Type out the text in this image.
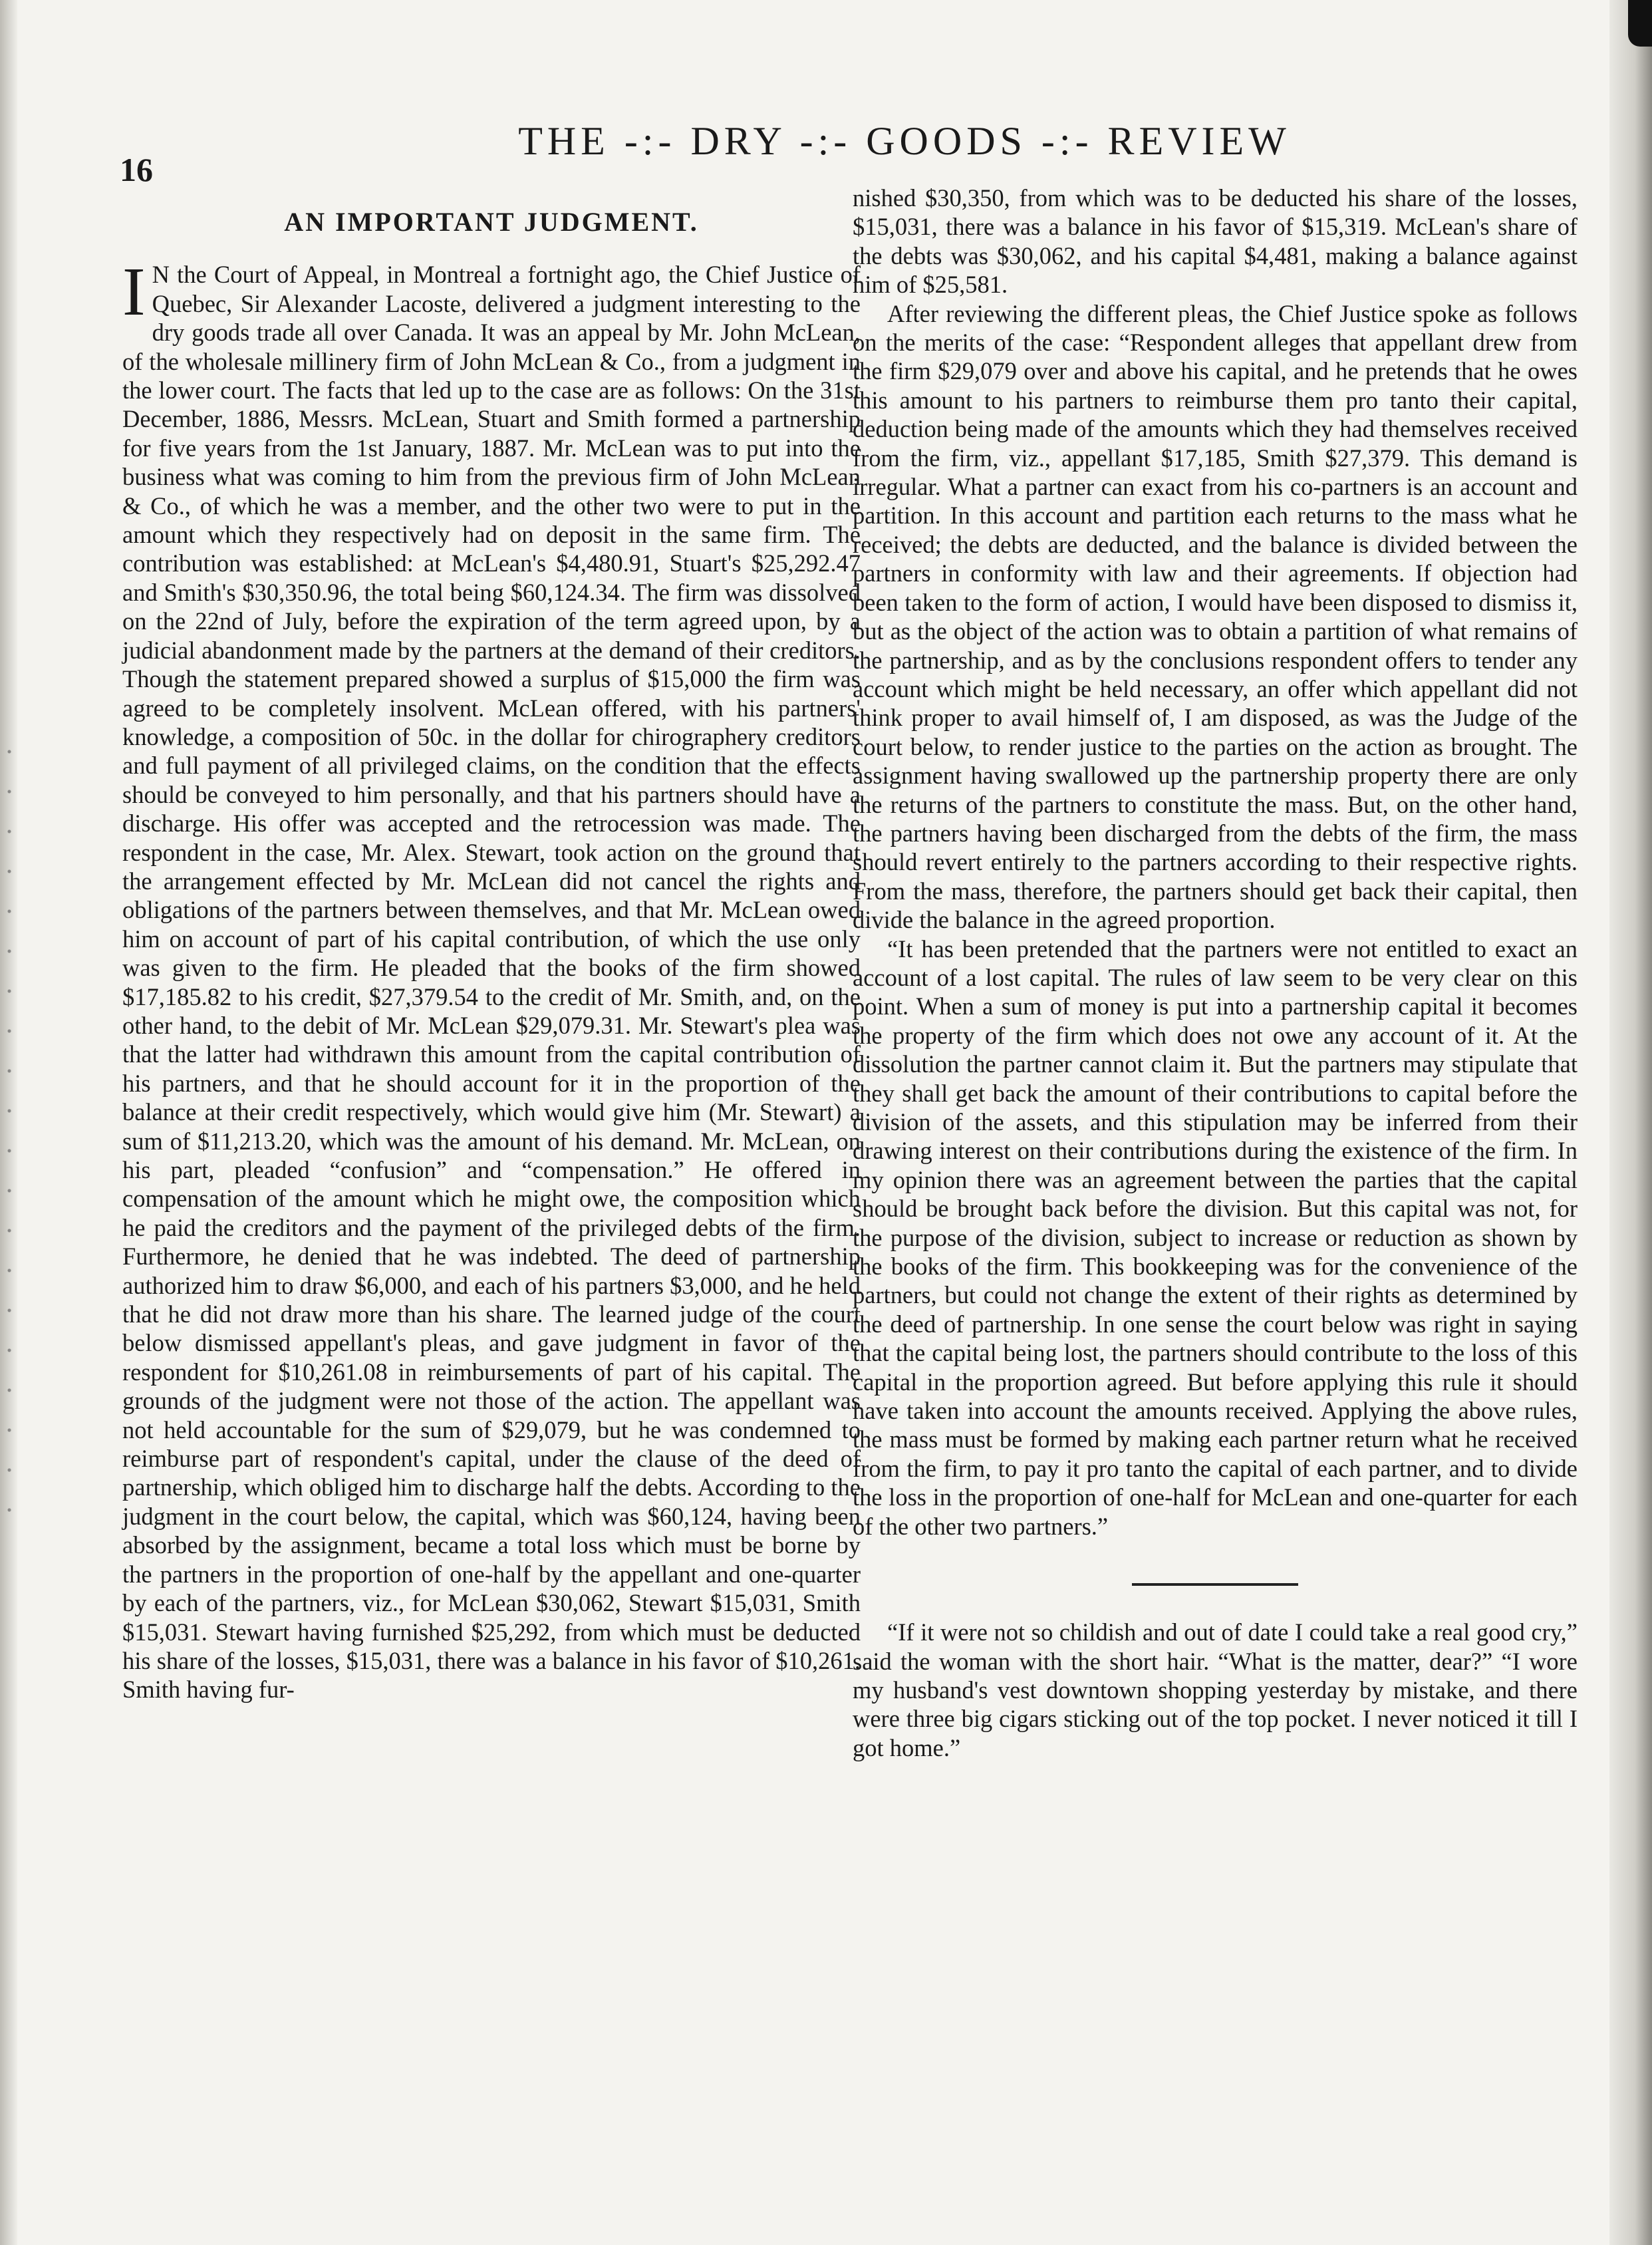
16
THE -:- DRY -:- GOODS -:- REVIEW
AN IMPORTANT JUDGMENT.

IN the Court of Appeal, in Montreal a fortnight ago, the Chief Justice of Quebec, Sir Alexander Lacoste, delivered a judgment interesting to the dry goods trade all over Canada. It was an appeal by Mr. John McLean, of the wholesale millinery firm of John McLean & Co., from a judgment in the lower court. The facts that led up to the case are as follows: On the 31st December, 1886, Messrs. McLean, Stuart and Smith formed a partnership for five years from the 1st January, 1887. Mr. McLean was to put into the business what was coming to him from the previous firm of John McLean & Co., of which he was a member, and the other two were to put in the amount which they respectively had on deposit in the same firm. The contribution was established: at McLean's $4,480.91, Stuart's $25,292.47 and Smith's $30,350.96, the total being $60,124.34. The firm was dissolved on the 22nd of July, before the expiration of the term agreed upon, by a judicial abandonment made by the partners at the demand of their creditors. Though the statement prepared showed a surplus of $15,000 the firm was agreed to be completely insolvent. McLean offered, with his partners' knowledge, a composition of 50c. in the dollar for chirographery creditors and full payment of all privileged claims, on the condition that the effects should be conveyed to him personally, and that his partners should have a discharge. His offer was accepted and the retrocession was made. The respondent in the case, Mr. Alex. Stewart, took action on the ground that the arrangement effected by Mr. McLean did not cancel the rights and obligations of the partners between themselves, and that Mr. McLean owed him on account of part of his capital contribution, of which the use only was given to the firm. He pleaded that the books of the firm showed $17,185.82 to his credit, $27,379.54 to the credit of Mr. Smith, and, on the other hand, to the debit of Mr. McLean $29,079.31. Mr. Stewart's plea was that the latter had withdrawn this amount from the capital contribution of his partners, and that he should account for it in the proportion of the balance at their credit respectively, which would give him (Mr. Stewart) a sum of $11,213.20, which was the amount of his demand. Mr. McLean, on his part, pleaded “confusion” and “compensation.” He offered in compensation of the amount which he might owe, the composition which he paid the creditors and the payment of the privileged debts of the firm. Furthermore, he denied that he was indebted. The deed of partnership authorized him to draw $6,000, and each of his partners $3,000, and he held that he did not draw more than his share. The learned judge of the court below dismissed appellant's pleas, and gave judgment in favor of the respondent for $10,261.08 in reimbursements of part of his capital. The grounds of the judgment were not those of the action. The appellant was not held accountable for the sum of $29,079, but he was condemned to reimburse part of respondent's capital, under the clause of the deed of partnership, which obliged him to discharge half the debts. According to the judgment in the court below, the capital, which was $60,124, having been absorbed by the assignment, became a total loss which must be borne by the partners in the proportion of one-half by the appellant and one-quarter by each of the partners, viz., for McLean $30,062, Stewart $15,031, Smith $15,031. Stewart having furnished $25,292, from which must be deducted his share of the losses, $15,031, there was a balance in his favor of $10,261. Smith having fur-

nished $30,350, from which was to be deducted his share of the losses, $15,031, there was a balance in his favor of $15,319. McLean's share of the debts was $30,062, and his capital $4,481, making a balance against him of $25,581.

After reviewing the different pleas, the Chief Justice spoke as follows on the merits of the case: “Respondent alleges that appellant drew from the firm $29,079 over and above his capital, and he pretends that he owes this amount to his partners to reimburse them pro tanto their capital, deduction being made of the amounts which they had themselves received from the firm, viz., appellant $17,185, Smith $27,379. This demand is irregular. What a partner can exact from his co-partners is an account and partition. In this account and partition each returns to the mass what he received; the debts are deducted, and the balance is divided between the partners in conformity with law and their agreements. If objection had been taken to the form of action, I would have been disposed to dismiss it, but as the object of the action was to obtain a partition of what remains of the partnership, and as by the conclusions respondent offers to tender any account which might be held necessary, an offer which appellant did not think proper to avail himself of, I am disposed, as was the Judge of the court below, to render justice to the parties on the action as brought. The assignment having swallowed up the partnership property there are only the returns of the partners to constitute the mass. But, on the other hand, the partners having been discharged from the debts of the firm, the mass should revert entirely to the partners according to their respective rights. From the mass, therefore, the partners should get back their capital, then divide the balance in the agreed proportion.

“It has been pretended that the partners were not entitled to exact an account of a lost capital. The rules of law seem to be very clear on this point. When a sum of money is put into a partnership capital it becomes the property of the firm which does not owe any account of it. At the dissolution the partner cannot claim it. But the partners may stipulate that they shall get back the amount of their contributions to capital before the division of the assets, and this stipulation may be inferred from their drawing interest on their contributions during the existence of the firm. In my opinion there was an agreement between the parties that the capital should be brought back before the division. But this capital was not, for the purpose of the division, subject to increase or reduction as shown by the books of the firm. This bookkeeping was for the convenience of the partners, but could not change the extent of their rights as determined by the deed of partnership. In one sense the court below was right in saying that the capital being lost, the partners should contribute to the loss of this capital in the proportion agreed. But before applying this rule it should have taken into account the amounts received. Applying the above rules, the mass must be formed by making each partner return what he received from the firm, to pay it pro tanto the capital of each partner, and to divide the loss in the proportion of one-half for McLean and one-quarter for each of the other two partners.”

“If it were not so childish and out of date I could take a real good cry,” said the woman with the short hair. “What is the matter, dear?” “I wore my husband's vest downtown shopping yesterday by mistake, and there were three big cigars sticking out of the top pocket. I never noticed it till I got home.”
